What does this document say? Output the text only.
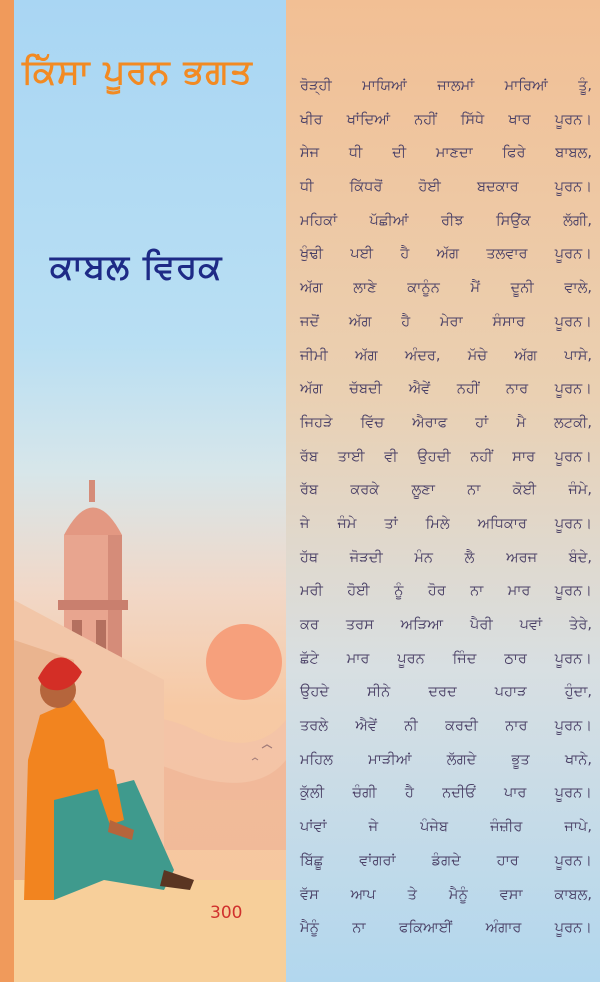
ਕਿੱਸਾ ਪੂਰਨ ਭਗਤ
ਕਾਬਲ ਵਿਰਕ
300
ਰੋੜ੍ਹੀ ਮਾਯਿਆਂ ਜਾਲਮਾਂ ਮਾਰਿਆਂ ਤੂੰ,
ਖੀਰ ਖਾਂਦਿਆਂ ਨਹੀਂ ਸਿੱਧੇ ਖਾਰ ਪੂਰਨ।
ਸੇਜ ਧੀ ਦੀ ਮਾਣਦਾ ਫਿਰੇ ਬਾਬਲ,
ਧੀ ਕਿੱਧਰੋਂ ਹੋਈ ਬਦਕਾਰ ਪੂਰਨ।
ਮਹਿਕਾਂ ਪੱਛੀਆਂ ਰੀਝ ਸਿਉਂਕ ਲੱਗੀ,
ਖੁੰਢੀ ਪਈ ਹੈ ਅੱਗ ਤਲਵਾਰ ਪੂਰਨ।
ਅੱਗ ਲਾਣੇ ਕਾਨੂੰਨ ਮੈਂ ਦੂਨੀ ਵਾਲੇ,
ਜਦੋਂ ਅੱਗ ਹੈ ਮੇਰਾ ਸੰਸਾਰ ਪੂਰਨ।
ਜੀਮੀ ਅੱਗ ਅੰਦਰ, ਮੱਚੇ ਅੱਗ ਪਾਸੇ,
ਅੱਗ ਚੱਬਦੀ ਐਵੇਂ ਨਹੀਂ ਨਾਰ ਪੂਰਨ।
ਜਿਹੜੇ ਵਿੱਚ ਐਰਾਫ ਹਾਂ ਮੈ ਲਟਕੀ,
ਰੱਬ ਤਾਈ ਵੀ ਉਹਦੀ ਨਹੀਂ ਸਾਰ ਪੂਰਨ।
ਰੱਬ ਕਰਕੇ ਲੂਣਾ ਨਾ ਕੋਈ ਜੰਮੇ,
ਜੇ ਜੰਮੇ ਤਾਂ ਮਿਲੇ ਅਧਿਕਾਰ ਪੂਰਨ।
ਹੱਥ ਜੋੜਦੀ ਮੰਨ ਲੈ ਅਰਜ ਬੰਦੇ,
ਮਰੀ ਹੋਈ ਨੂੰ ਹੋਰ ਨਾ ਮਾਰ ਪੂਰਨ।
ਕਰ ਤਰਸ ਅੜਿਆ ਪੈਰੀ ਪਵਾਂ ਤੇਰੇ,
ਛੱਟੇ ਮਾਰ ਪੂਰਨ ਜਿੰਦ ਠਾਰ ਪੂਰਨ।
ਉਹਦੇ	ਸੀਨੇ	ਦਰਦ	ਪਹਾੜ	ਹੁੰਦਾ,
ਤਰਲੇ ਐਵੇਂ ਨੀ ਕਰਦੀ ਨਾਰ ਪੂਰਨ।
ਮਹਿਲ ਮਾੜੀਆਂ ਲੱਗਦੇ ਭੂਤ ਖਾਨੇ,
ਕੁੱਲੀ ਚੰਗੀ ਹੈ ਨਦੀਓਂ ਪਾਰ ਪੂਰਨ।
ਪਾਂਵਾਂ	ਜੇ	ਪੰਜੇਬ	ਜੰਜ਼ੀਰ	ਜਾਪੇ,
ਬਿੱਛੂ ਵਾਂਗਰਾਂ ਡੰਗਦੇ ਹਾਰ ਪੂਰਨ।
ਵੱਸ ਆਪ ਤੇ ਮੈਨੂੰ ਵਸਾ ਕਾਬਲ,
ਮੈਨੂੰ ਨਾ ਫਕਿਆਈਂ ਅੰਗਾਰ ਪੂਰਨ।
